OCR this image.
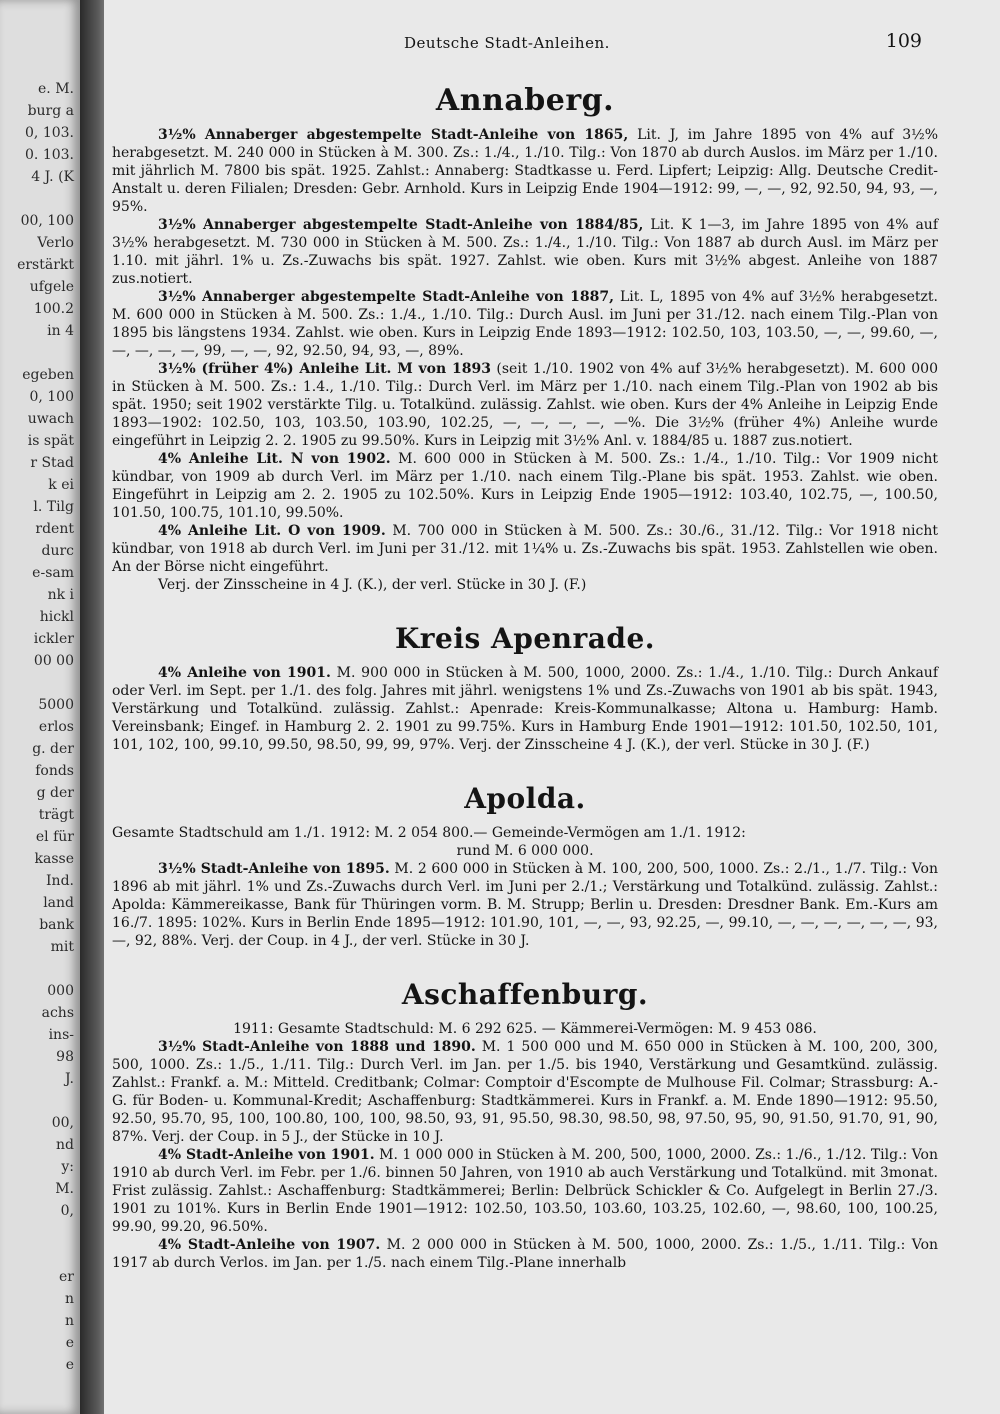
e. M.
burg a
0, 103.
0. 103.
4 J. (K
00, 100
Verlo
erstärkt
ufgele
100.2
in 4
egeben
0, 100
uwach
is spät
r Stad
k ei
l. Tilg
rdent
durc
e-sam
nk i
hickl
ickler
00 00
5000
erlos
g. der
fonds
g der
trägt
el für
kasse
Ind.
land
bank
mit
000
achs
ins-
98
J.
00,
nd
y:
M.
0,
er
n
n
e
e
Deutsche Stadt-Anleihen.	109
Annaberg.

3½% Annaberger abgestempelte Stadt-Anleihe von 1865, Lit. J, im Jahre 1895 von 4% auf 3½% herabgesetzt. M. 240 000 in Stücken à M. 300. Zs.: 1./4., 1./10. Tilg.: Von 1870 ab durch Auslos. im März per 1./10. mit jährlich M. 7800 bis spät. 1925. Zahlst.: Annaberg: Stadtkasse u. Ferd. Lipfert; Leipzig: Allg. Deutsche Credit-Anstalt u. deren Filialen; Dresden: Gebr. Arnhold. Kurs in Leipzig Ende 1904—1912: 99, —, —, 92, 92.50, 94, 93, —, 95%.

3½% Annaberger abgestempelte Stadt-Anleihe von 1884/85, Lit. K 1—3, im Jahre 1895 von 4% auf 3½% herabgesetzt. M. 730 000 in Stücken à M. 500. Zs.: 1./4., 1./10. Tilg.: Von 1887 ab durch Ausl. im März per 1.10. mit jährl. 1% u. Zs.-Zuwachs bis spät. 1927. Zahlst. wie oben. Kurs mit 3½% abgest. Anleihe von 1887 zus.notiert.

3½% Annaberger abgestempelte Stadt-Anleihe von 1887, Lit. L, 1895 von 4% auf 3½% herabgesetzt. M. 600 000 in Stücken à M. 500. Zs.: 1./4., 1./10. Tilg.: Durch Ausl. im Juni per 31./12. nach einem Tilg.-Plan von 1895 bis längstens 1934. Zahlst. wie oben. Kurs in Leipzig Ende 1893—1912: 102.50, 103, 103.50, —, —, 99.60, —, —, —, —, —, 99, —, —, 92, 92.50, 94, 93, —, 89%.

3½% (früher 4%) Anleihe Lit. M von 1893 (seit 1./10. 1902 von 4% auf 3½% herabgesetzt). M. 600 000 in Stücken à M. 500. Zs.: 1.4., 1./10. Tilg.: Durch Verl. im März per 1./10. nach einem Tilg.-Plan von 1902 ab bis spät. 1950; seit 1902 verstärkte Tilg. u. Totalkünd. zulässig. Zahlst. wie oben. Kurs der 4% Anleihe in Leipzig Ende 1893—1902: 102.50, 103, 103.50, 103.90, 102.25, —, —, —, —, —%. Die 3½% (früher 4%) Anleihe wurde eingeführt in Leipzig 2. 2. 1905 zu 99.50%. Kurs in Leipzig mit 3½% Anl. v. 1884/85 u. 1887 zus.notiert.

4% Anleihe Lit. N von 1902. M. 600 000 in Stücken à M. 500. Zs.: 1./4., 1./10. Tilg.: Vor 1909 nicht kündbar, von 1909 ab durch Verl. im März per 1./10. nach einem Tilg.-Plane bis spät. 1953. Zahlst. wie oben. Eingeführt in Leipzig am 2. 2. 1905 zu 102.50%. Kurs in Leipzig Ende 1905—1912: 103.40, 102.75, —, 100.50, 101.50, 100.75, 101.10, 99.50%.

4% Anleihe Lit. O von 1909. M. 700 000 in Stücken à M. 500. Zs.: 30./6., 31./12. Tilg.: Vor 1918 nicht kündbar, von 1918 ab durch Verl. im Juni per 31./12. mit 1¼% u. Zs.-Zuwachs bis spät. 1953. Zahlstellen wie oben. An der Börse nicht eingeführt.

Verj. der Zinsscheine in 4 J. (K.), der verl. Stücke in 30 J. (F.)

Kreis Apenrade.

4% Anleihe von 1901. M. 900 000 in Stücken à M. 500, 1000, 2000. Zs.: 1./4., 1./10. Tilg.: Durch Ankauf oder Verl. im Sept. per 1./1. des folg. Jahres mit jährl. wenigstens 1% und Zs.-Zuwachs von 1901 ab bis spät. 1943, Verstärkung und Totalkünd. zulässig. Zahlst.: Apenrade: Kreis-Kommunalkasse; Altona u. Hamburg: Hamb. Vereinsbank; Eingef. in Hamburg 2. 2. 1901 zu 99.75%. Kurs in Hamburg Ende 1901—1912: 101.50, 102.50, 101, 101, 102, 100, 99.10, 99.50, 98.50, 99, 99, 97%. Verj. der Zinsscheine 4 J. (K.), der verl. Stücke in 30 J. (F.)

Apolda.

Gesamte Stadtschuld am 1./1. 1912: M. 2 054 800.— Gemeinde-Vermögen am 1./1. 1912:

rund M. 6 000 000.

3½% Stadt-Anleihe von 1895. M. 2 600 000 in Stücken à M. 100, 200, 500, 1000. Zs.: 2./1., 1./7. Tilg.: Von 1896 ab mit jährl. 1% und Zs.-Zuwachs durch Verl. im Juni per 2./1.; Verstärkung und Totalkünd. zulässig. Zahlst.: Apolda: Kämmereikasse, Bank für Thüringen vorm. B. M. Strupp; Berlin u. Dresden: Dresdner Bank. Em.-Kurs am 16./7. 1895: 102%. Kurs in Berlin Ende 1895—1912: 101.90, 101, —, —, 93, 92.25, —, 99.10, —, —, —, —, —, —, 93, —, 92, 88%. Verj. der Coup. in 4 J., der verl. Stücke in 30 J.

Aschaffenburg.

1911: Gesamte Stadtschuld: M. 6 292 625. — Kämmerei-Vermögen: M. 9 453 086.

3½% Stadt-Anleihe von 1888 und 1890. M. 1 500 000 und M. 650 000 in Stücken à M. 100, 200, 300, 500, 1000. Zs.: 1./5., 1./11. Tilg.: Durch Verl. im Jan. per 1./5. bis 1940, Verstärkung und Gesamtkünd. zulässig. Zahlst.: Frankf. a. M.: Mitteld. Creditbank; Colmar: Comptoir d'Escompte de Mulhouse Fil. Colmar; Strassburg: A.-G. für Boden- u. Kommunal-Kredit; Aschaffenburg: Stadtkämmerei. Kurs in Frankf. a. M. Ende 1890—1912: 95.50, 92.50, 95.70, 95, 100, 100.80, 100, 100, 98.50, 93, 91, 95.50, 98.30, 98.50, 98, 97.50, 95, 90, 91.50, 91.70, 91, 90, 87%. Verj. der Coup. in 5 J., der Stücke in 10 J.

4% Stadt-Anleihe von 1901. M. 1 000 000 in Stücken à M. 200, 500, 1000, 2000. Zs.: 1./6., 1./12. Tilg.: Von 1910 ab durch Verl. im Febr. per 1./6. binnen 50 Jahren, von 1910 ab auch Verstärkung und Totalkünd. mit 3monat. Frist zulässig. Zahlst.: Aschaffenburg: Stadtkämmerei; Berlin: Delbrück Schickler & Co. Aufgelegt in Berlin 27./3. 1901 zu 101%. Kurs in Berlin Ende 1901—1912: 102.50, 103.50, 103.60, 103.25, 102.60, —, 98.60, 100, 100.25, 99.90, 99.20, 96.50%.

4% Stadt-Anleihe von 1907. M. 2 000 000 in Stücken à M. 500, 1000, 2000. Zs.: 1./5., 1./11. Tilg.: Von 1917 ab durch Verlos. im Jan. per 1./5. nach einem Tilg.-Plane innerhalb
